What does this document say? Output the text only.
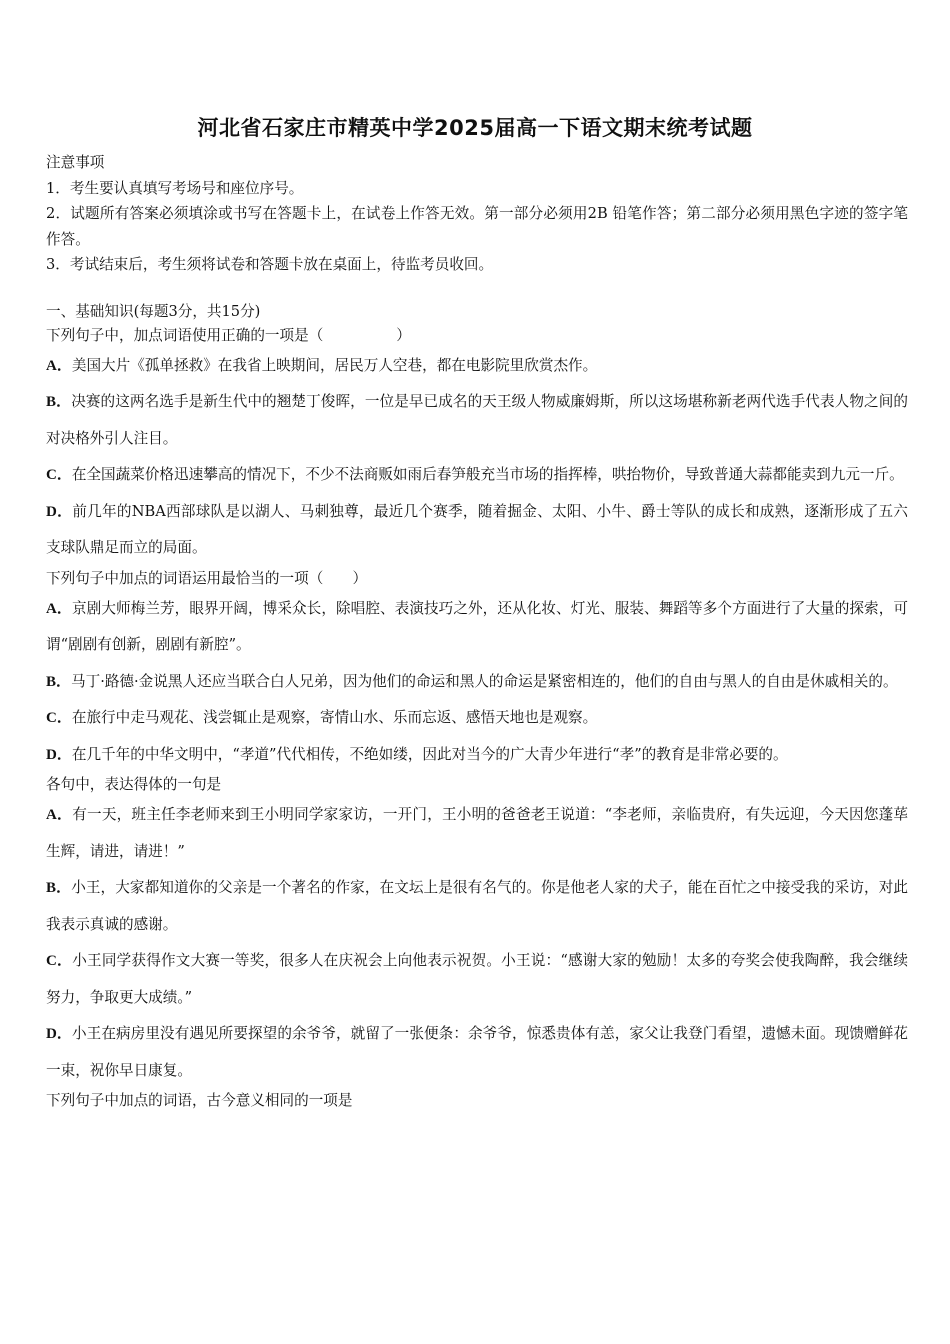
河北省石家庄市精英中学2025届高一下语文期末统考试题
注意事项
1．考生要认真填写考场号和座位序号。
2．试题所有答案必须填涂或书写在答题卡上，在试卷上作答无效。第一部分必须用2B 铅笔作答；第二部分必须用黑色字迹的签字笔作答。
3．考试结束后，考生须将试卷和答题卡放在桌面上，待监考员收回。
一、基础知识(每题3分，共15分)
下列句子中，加点词语使用正确的一项是（　　　　　）
A．美国大片《孤单拯救》在我省上映期间，居民万人空巷，都在电影院里欣赏杰作。
B．决赛的这两名选手是新生代中的翘楚丁俊晖，一位是早已成名的天王级人物威廉姆斯，所以这场堪称新老两代选手代表人物之间的对决格外引人注目。
C．在全国蔬菜价格迅速攀高的情况下，不少不法商贩如雨后春笋般充当市场的指挥棒，哄抬物价，导致普通大蒜都能卖到九元一斤。
D．前几年的NBA西部球队是以湖人、马刺独尊，最近几个赛季，随着掘金、太阳、小牛、爵士等队的成长和成熟，逐渐形成了五六支球队鼎足而立的局面。
下列句子中加点的词语运用最恰当的一项（　　）
A．京剧大师梅兰芳，眼界开阔，博采众长，除唱腔、表演技巧之外，还从化妆、灯光、服装、舞蹈等多个方面进行了大量的探索，可谓“剧剧有创新，剧剧有新腔”。
B．马丁·路德·金说黑人还应当联合白人兄弟，因为他们的命运和黑人的命运是紧密相连的，他们的自由与黑人的自由是休戚相关的。
C．在旅行中走马观花、浅尝辄止是观察，寄情山水、乐而忘返、感悟天地也是观察。
D．在几千年的中华文明中，“孝道”代代相传，不绝如缕，因此对当今的广大青少年进行“孝”的教育是非常必要的。
各句中，表达得体的一句是
A．有一天，班主任李老师来到王小明同学家家访，一开门，王小明的爸爸老王说道：“李老师，亲临贵府，有失远迎，今天因您蓬荜生辉，请进，请进！”
B．小王，大家都知道你的父亲是一个著名的作家，在文坛上是很有名气的。你是他老人家的犬子，能在百忙之中接受我的采访，对此我表示真诚的感谢。
C．小王同学获得作文大赛一等奖，很多人在庆祝会上向他表示祝贺。小王说：“感谢大家的勉励！太多的夸奖会使我陶醉，我会继续努力，争取更大成绩。”
D．小王在病房里没有遇见所要探望的余爷爷，就留了一张便条：余爷爷，惊悉贵体有恙，家父让我登门看望，遗憾未面。现馈赠鲜花一束，祝你早日康复。
下列句子中加点的词语，古今意义相同的一项是
